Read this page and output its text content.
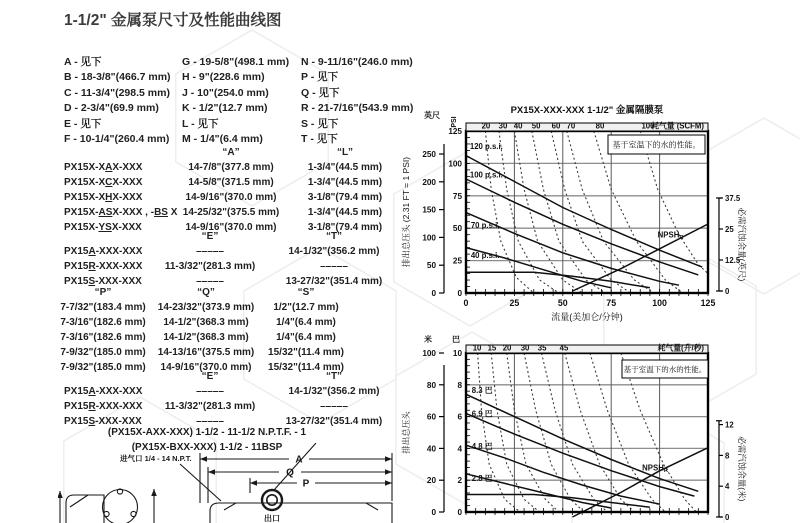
1-1/2" 金属泵尺寸及性能曲线图
A - 见下
B - 18-3/8"(466.7 mm)
C - 11-3/4"(298.5 mm)
D - 2-3/4"(69.9 mm)
E - 见下
F - 10-1/4"(260.4 mm)
G - 19-5/8"(498.1 mm)
H - 9"(228.6 mm)
J - 10"(254.0 mm)
K - 1/2"(12.7 mm)
L - 见下
M - 1/4"(6.4 mm)
N - 9-11/16"(246.0 mm)
P - 见下
Q - 见下
R - 21-7/16"(543.9 mm)
S - 见下
T - 见下
“A”	“L”
PX15X-XAX-XXX	14-7/8"(377.8 mm)	1-3/4"(44.5 mm)
PX15X-XCX-XXX	14-5/8"(371.5 mm)	1-3/4"(44.5 mm)
PX15X-XHX-XXX	14-9/16"(370.0 mm)	3-1/8"(79.4 mm)
PX15X-ASX-XXX , -BS X 14-25/32"(375.5 mm)	1-3/4"(44.5 mm)
PX15X-YSX-XXX	14-9/16"(370.0 mm)	3-1/8"(79.4 mm)
“E”	“T”
PX15A-XXX-XXX	–––––	14-1/32"(356.2 mm)
PX15R-XXX-XXX	11-3/32"(281.3 mm)	–––––
PX15S-XXX-XXX	–––––	13-27/32"(351.4 mm)
“P”	“Q”	“S”
7-7/32"(183.4 mm)	14-23/32"(373.9 mm)	1/2"(12.7 mm)
7-3/16"(182.6 mm)	14-1/2"(368.3 mm)	1/4"(6.4 mm)
7-3/16"(182.6 mm)	14-1/2"(368.3 mm)	1/4"(6.4 mm)
7-9/32"(185.0 mm)	14-13/16"(375.5 mm)	15/32"(11.4 mm)
7-9/32"(185.0 mm)	14-9/16"(370.0 mm)	15/32"(11.4 mm)
“E”	“T”
PX15A-XXX-XXX	–––––	14-1/32"(356.2 mm)
PX15R-XXX-XXX	11-3/32"(281.3 mm)	–––––
PX15S-XXX-XXX	–––––	13-27/32"(351.4 mm)
(PX15X-AXX-XXX) 1-1/2 - 11-1/2 N.P.T.F. - 1
(PX15X-BXX-XXX) 1-1/2 - 11BSP
进气口 1/4 - 14 N.P.T.	A
Q
P
出口
120 p.s.i.
100 p.s.i.
70 p.s.i.
40 p.s.i.
NPSHR
20 30 40 50 60 70	80	100
耗气量 (SCFM)
250
200
150
100
50
0
英尺
125
100
75
50
25
0
PSI
37.5
25
12.5
0
必需汽蚀余量(英尺)
排出总压头 (2.31 FT = 1 PSI)
PX15X-XXX-XXX 1-1/2" 金属隔膜泵
基于室温下的水的性能。
0	25	50	75	100	125
流量(美加仑/分钟)
8.3 巴
6.9 巴
4.8 巴
2.8 巴
NPSHR
10 15 20 30 35 45	耗气量(升/秒)
100
80
60
40
20
0
米
10
8
6
4
2
0
巴
12
8
4
0
必需汽蚀余量(米)
排出总压头
基于室温下的水的性能。
